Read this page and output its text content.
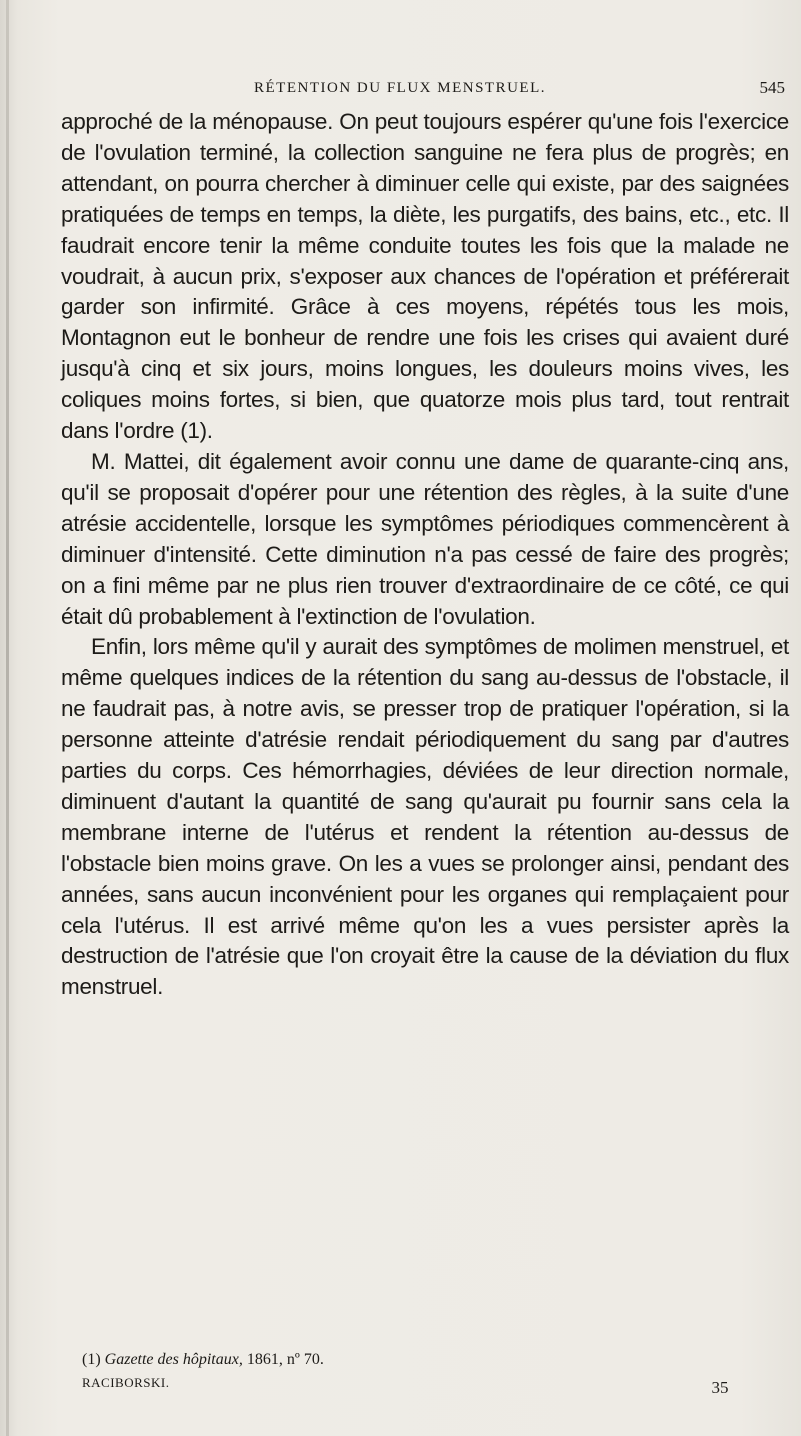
RÉTENTION DU FLUX MENSTRUEL.	545

approché de la ménopause. On peut toujours espérer qu'une fois l'exercice de l'ovulation terminé, la collection sanguine ne fera plus de progrès; en attendant, on pourra chercher à diminuer celle qui existe, par des saignées pratiquées de temps en temps, la diète, les purgatifs, des bains, etc., etc. Il faudrait encore tenir la même conduite toutes les fois que la malade ne voudrait, à aucun prix, s'exposer aux chances de l'opération et préférerait garder son infirmité. Grâce à ces moyens, répétés tous les mois, Montagnon eut le bonheur de rendre une fois les crises qui avaient duré jusqu'à cinq et six jours, moins longues, les douleurs moins vives, les coliques moins fortes, si bien, que quatorze mois plus tard, tout rentrait dans l'ordre (1).

M. Mattei, dit également avoir connu une dame de quarante-cinq ans, qu'il se proposait d'opérer pour une rétention des règles, à la suite d'une atrésie accidentelle, lorsque les symptômes périodiques commencèrent à diminuer d'intensité. Cette diminution n'a pas cessé de faire des progrès; on a fini même par ne plus rien trouver d'extraordinaire de ce côté, ce qui était dû probablement à l'extinction de l'ovulation.

Enfin, lors même qu'il y aurait des symptômes de molimen menstruel, et même quelques indices de la rétention du sang au-dessus de l'obstacle, il ne faudrait pas, à notre avis, se presser trop de pratiquer l'opération, si la personne atteinte d'atrésie rendait périodiquement du sang par d'autres parties du corps. Ces hémorrhagies, déviées de leur direction normale, diminuent d'autant la quantité de sang qu'aurait pu fournir sans cela la membrane interne de l'utérus et rendent la rétention au-dessus de l'obstacle bien moins grave. On les a vues se prolonger ainsi, pendant des années, sans aucun inconvénient pour les organes qui remplaçaient pour cela l'utérus. Il est arrivé même qu'on les a vues persister après la destruction de l'atrésie que l'on croyait être la cause de la déviation du flux menstruel.

(1) Gazette des hôpitaux, 1861, nº 70.
RACIBORSKI.	35
